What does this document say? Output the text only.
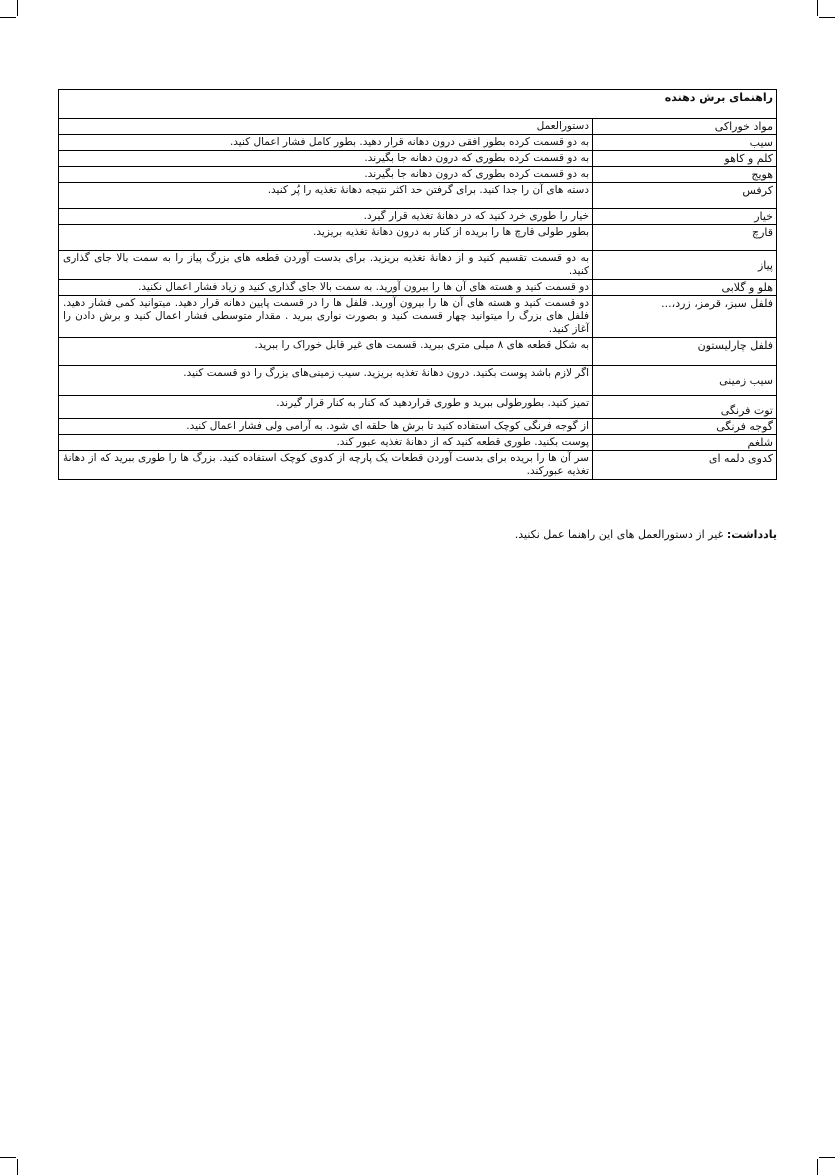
راهنمای برش دهنده	
مواد خوراکی	دستورالعمل
سیب	به دو قسمت کرده بطور افقی درون دهانه قرار دهید. بطور کامل فشار اعمال کنید.
کلم و کاهو	به دو قسمت کرده بطوری که درون دهانه جا بگیرند.
هویج	به دو قسمت کرده بطوری که درون دهانه جا بگیرند.
کرفس	دسته های آن را جدا کنید. برای گرفتن حد اکثر نتیجه دهانهٔ تغذیه را پُر کنید.
خیار	خیار را طوری خرد کنید که در دهانهٔ تغذیه قرار گیرد.
قارچ	بطور طولی قارچ ها را بریده از کنار به درون دهانهٔ تغذیه بریزید.
پیاز	به دو قسمت تقسیم کنید و از دهانهٔ تغذیه بریزید. برای بدست آوردن قطعه های بزرگ پیاز را به سمت بالا جای گذاری کنید.
هلو و گلابی	دو قسمت کنید و هسته های آن ها را بیرون آورید. به سمت بالا جای گذاری کنید و زیاد فشار اعمال نکنید.
فلفل سبز، قرمز، زرد،...	دو قسمت کنید و هسته های آن ها را بیرون آورید. فلفل ها را در قسمت پایین دهانه قرار دهید. میتوانید کمی فشار دهید. فلفل های بزرگ را میتوانید چهار قسمت کنید و بصورت نواری ببرید . مقدار متوسطی فشار اعمال کنید و برش دادن را آغاز کنید.
فلفل چارلیستون	به شکل قطعه های ۸ میلی متری ببرید. قسمت های غیر قابل خوراک را ببرید.
سیب زمینی	اگر لازم باشد پوست بکنید. درون دهانهٔ تغذیه بریزید. سیب زمینی‌های بزرگ را دو قسمت کنید.
توت فرنگی	تمیز کنید. بطورطولی ببرید و طوری قراردهید که کنار به کنار قرار گیرند.
گوجه فرنگی	از گوجه فرنگی کوچک استفاده کنید تا برش ها حلقه ای شود. به آرامی ولی فشار اعمال کنید.
شلغم	پوست بکنید. طوری قطعه کنید که از دهانهٔ تغذیه عبور کند.
کدوی دلمه ای	سر آن ها را بریده برای بدست آوردن قطعات یک پارچه از کدوی کوچک استفاده کنید. بزرگ ها را طوری ببرید که از دهانهٔ تغذیه عبورکند.
یادداشت: غیر از دستورالعمل های این راهنما عمل نکنید.
